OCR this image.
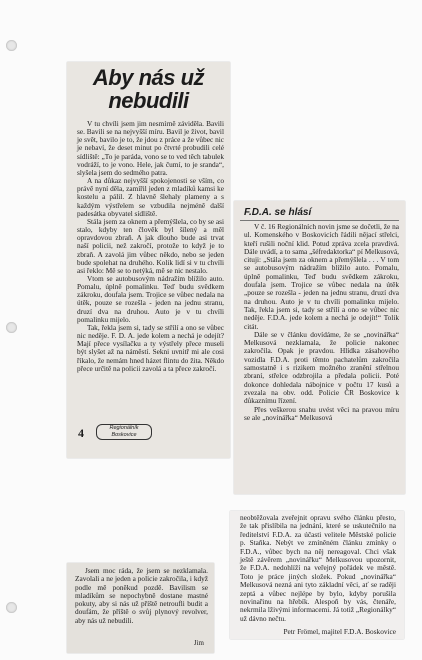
Aby nás už nebudili

V tu chvíli jsem jim nesmírně záviděla. Bavili se. Bavili se na nejvyšší míru. Bavil je život, bavil je svět, bavilo je to, že jdou z práce a že vůbec nic je nebaví, že deset minut po čtvrté probudili celé sídliště: „To je paráda, vono se to ved těch tabulek vodráží, to je vono. Hele, jak čumí, to je srandа“, slyšela jsem do sedmého patra.

A na důkaz nejvyšší spokojenosti se vším, co právě nyní děla, zamířil jeden z mladíků kamsi ke kostelu a pálil. Z hlavně šlehaly plameny a s každým výstřelem se vzbudila nejméně další padesátka obyvatel sídliště.

Stála jsem za oknem a přemýšlela, co by se asi stalo, kdyby ten člověk byl šílený a měl opravdovou zbraň. A jak dlouho bude asi trvat naší policii, než zakročí, protože to když je to zbraň. A zavolá jim vůbec někdo, nebo se jeden bude spolehat na druhého. Kolik lidí si v tu chvíli asi řeklo: Mě se to netýká, mě se nic nestalo.

Vtom se autobusovým nádražím blížilo auto. Pomalu, úplně pomalinku. Teď budu svědkem zákroku, doufala jsem. Trojice se vůbec nedala na útěk, pouze se rozešla - jeden na jednu stranu, druzí dva na druhou. Auto je v tu chvíli pomalinku mijelo.

Tak, řekla jsem si, tady se střílí a ono se vůbec nic nedějе. F. D. A. jede kolem a nechá je odejít? Mají přece vysílačku a ty výstřely přece museli být slyšet až na náměstí. Sekni uvnitř mi ale cosi říkalo, že nemám hned házet flintu do žita. Někdo přece určitě na policii zavolá a ta přece zakročí.

4	Regionálník Boskovice
F.D.A. se hlásí

V č. 16 Regionálních novin jsme se dočetli, že na ul. Komenského v Boskovicích řádili nějací střelci, kteří rušili noční klid. Potud zpráva zcela pravdivá. Dále uvádí, a to sama „šéfredaktorka“ pí Melkusová, cituji: „Stála jsem za oknem a přemýšlela . . . V tom se autobusovým nádražím blížilo auto. Pomalu, úplně pomalinku, Teď budu svědkem zákroku, doufala jsem. Trojice se vůbec nedala na útěk „pouze se rozešla - jeden na jednu stranu, druzí dva na druhou. Auto je v tu chvíli pomalinku mijelo. Tak, řekla jsem si, tady se střílí a ono se vůbec nic nedějе. F.D.A. jede kolem a nechá je odejít!“ Tolik citát.

Dále se v článku dovídáme, že se „novinářka“ Melkusová nezklamala, že policie nakonec zakročila. Opak je pravdou. Hlídka zásahového vozidla F.D.A. proti těmto pachatelům zakročila samostatně i s rizikem možného zranění střelnou zbraní, střelce odzbrojila a předala policii. Poté dokonce dohledala nábojnice v počtu 17 kusů a zvezala na obv. odd. Policie ČR Boskovice k důkaznímu řízení.

Přes veškerou snahu uvést věci na pravou míru se ale „novinářka“ Melkusová

neobtěžovala zveřejnit opravu svého článku přesto, že tak přislíbila na jednání, které se uskutečnilo na ředitelství F.D.A. za účasti velitele Městské policie p. Staňka. Nebýt ve zmíněném článku zmínky o F.D.A., vůbec bych na něj nereagoval. Chci však ještě závěrem „novinářku“ Melkusovou upozornit, že F.D.A. nedohlíží na veřejný pořádek ve městě. Toto je práce jiných složek. Pokud „novinářka“ Melkusová nezná ani tyto základní věci, ať se raději zeptá a vůbec nejlépe by bylo, kdyby porušila novinařinu na hřebík. Alespoň by vás, čtenáře, nekrmila lživými informacemi. Já totiž „Regionálky“ už dávno nečtu.

Petr Frömel, majitel F.D.A. Boskovice

Jsem moc ráda, že jsem se nezklamala. Zavolali a ne jeden a policie zakročila, i když podle mě poněkud pozdě. Bavilism se mladíkům se nepochybně dostane mastné pokuty, aby si nás už příště netroufli budit a doufám, že příště o svůj plynový revolver, aby nás už nebudili.

Jim
